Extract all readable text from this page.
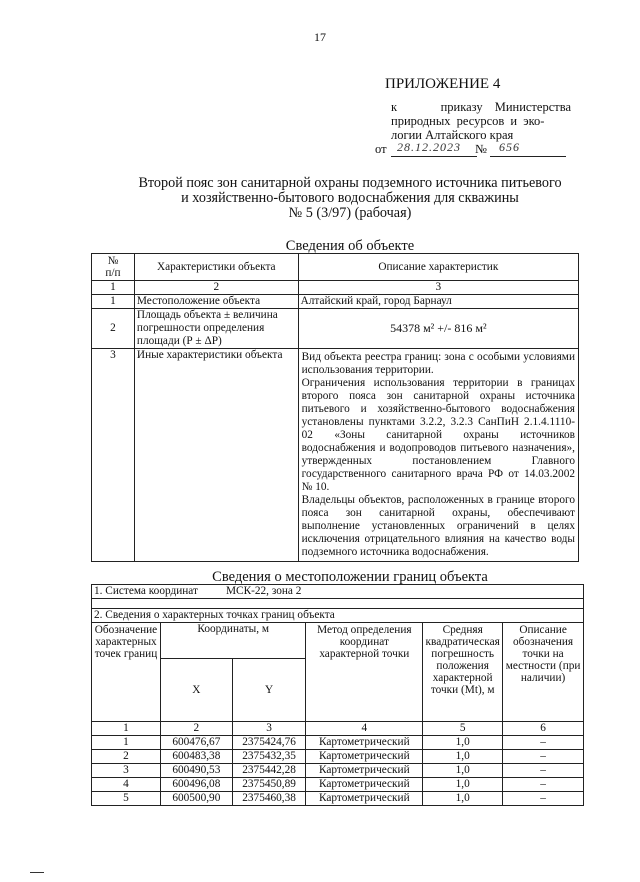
17
ПРИЛОЖЕНИЕ 4
к	приказу Министерства
природных ресурсов и эко-
логии Алтайского края
от 28.12.2023 № 656
Второй пояс зон санитарной охраны подземного источника питьевого
и хозяйственно-бытового водоснабжения для скважины
№ 5 (3/97) (рабочая)
Сведения об объекте
№
п/п	Характеристики объекта	Описание характеристик
1	2	3
1	Местоположение объекта	Алтайский край, город Барнаул
2	Площадь объекта ± величина погрешности определения площади (Р ± ΔР)	54378 м² +/- 816 м²
3	Иные характеристики объекта	Вид объекта реестра границ: зона с особыми условиями использования территории.
Ограничения использования территории в границах второго пояса зон санитарной охраны источника питьевого и хозяйственно-бытового водоснабжения установлены пунктами 3.2.2, 3.2.3 СанПиН 2.1.4.1110-02 «Зоны санитарной охраны источников водоснабжения и водопроводов питьевого назначения», утвержденных постановлением Главного государственного санитарного врача РФ от 14.03.2002 № 10.
Владельцы объектов, расположенных в границе второго пояса зон санитарной охраны, обеспечивают выполнение установленных ограничений в целях исключения отрицательного влияния на качество воды подземного источника водоснабжения.
Сведения о местоположении границ объекта
1. Система координат МСК-22, зона 2					

2. Сведения о характерных точках границ объекта					
Обозначение характерных точек границ	Координаты, м		Метод определения координат характерной точки	Средняя квадратическая погрешность положения характерной точки (Mt), м	Описание обозначения точки на местности (при наличии)
	X	Y			
1	2	3	4	5	6
1	600476,67	2375424,76	Картометрический	1,0	–
2	600483,38	2375432,35	Картометрический	1,0	–
3	600490,53	2375442,28	Картометрический	1,0	–
4	600496,08	2375450,89	Картометрический	1,0	–
5	600500,90	2375460,38	Картометрический	1,0	–
